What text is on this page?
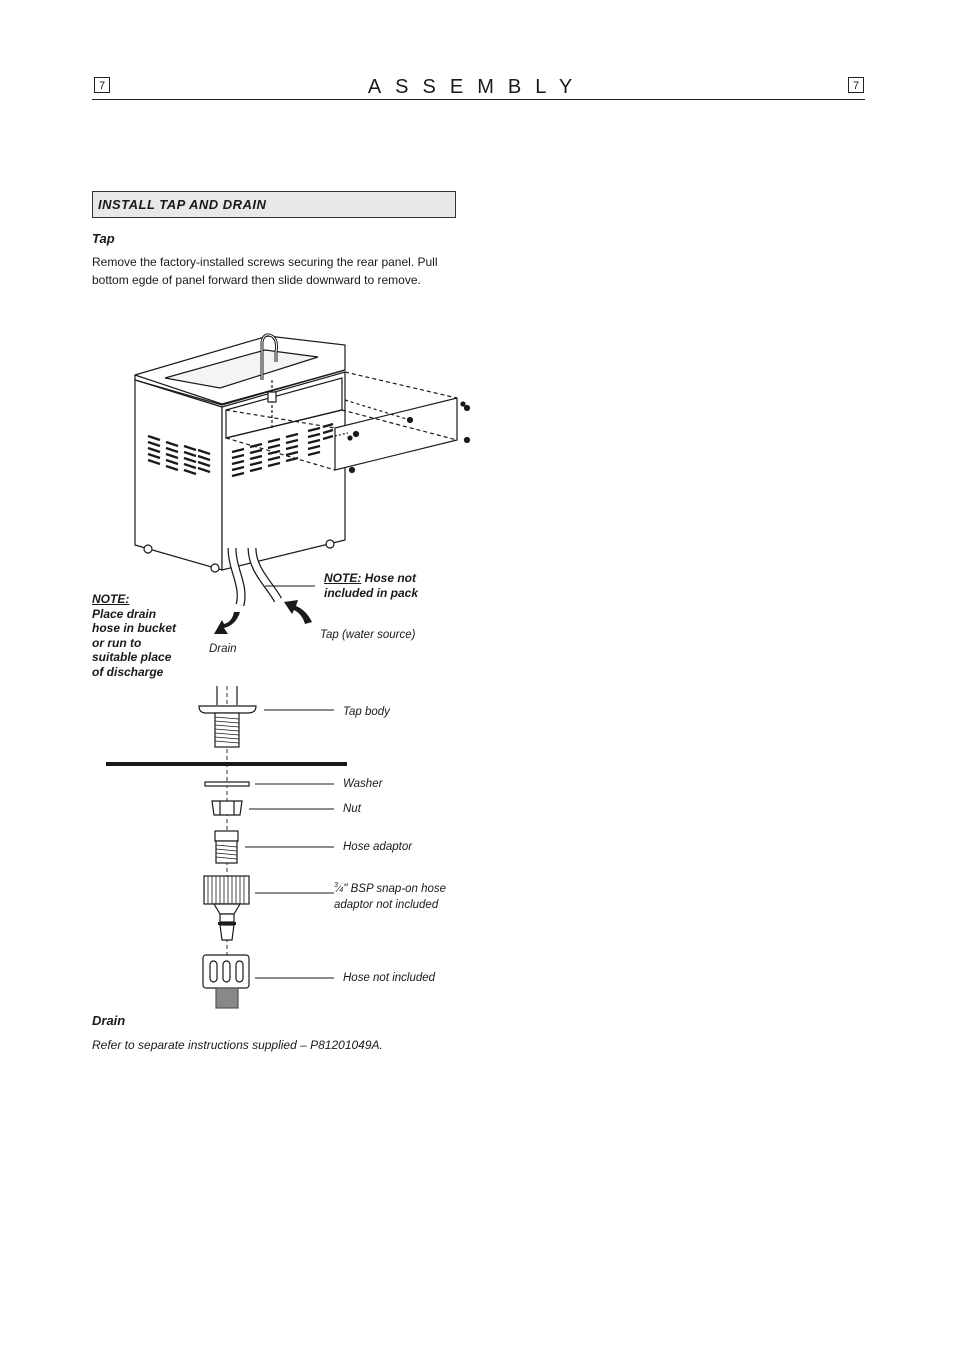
7	7
ASSEMBLY
INSTALL TAP AND DRAIN
Tap
Remove the factory-installed screws securing the rear panel. Pull
bottom egde of panel forward then slide downward to remove.
NOTE: Hose not
included in pack
NOTE:
Place drain
hose in bucket
or run to
suitable place
of discharge
Tap (water source)
Drain
Tap body
Washer
Nut
Hose adaptor
$^3$⁄4" BSP snap-on hose
adaptor not included
Hose not included
Drain
Refer to separate instructions supplied – P81201049A.
